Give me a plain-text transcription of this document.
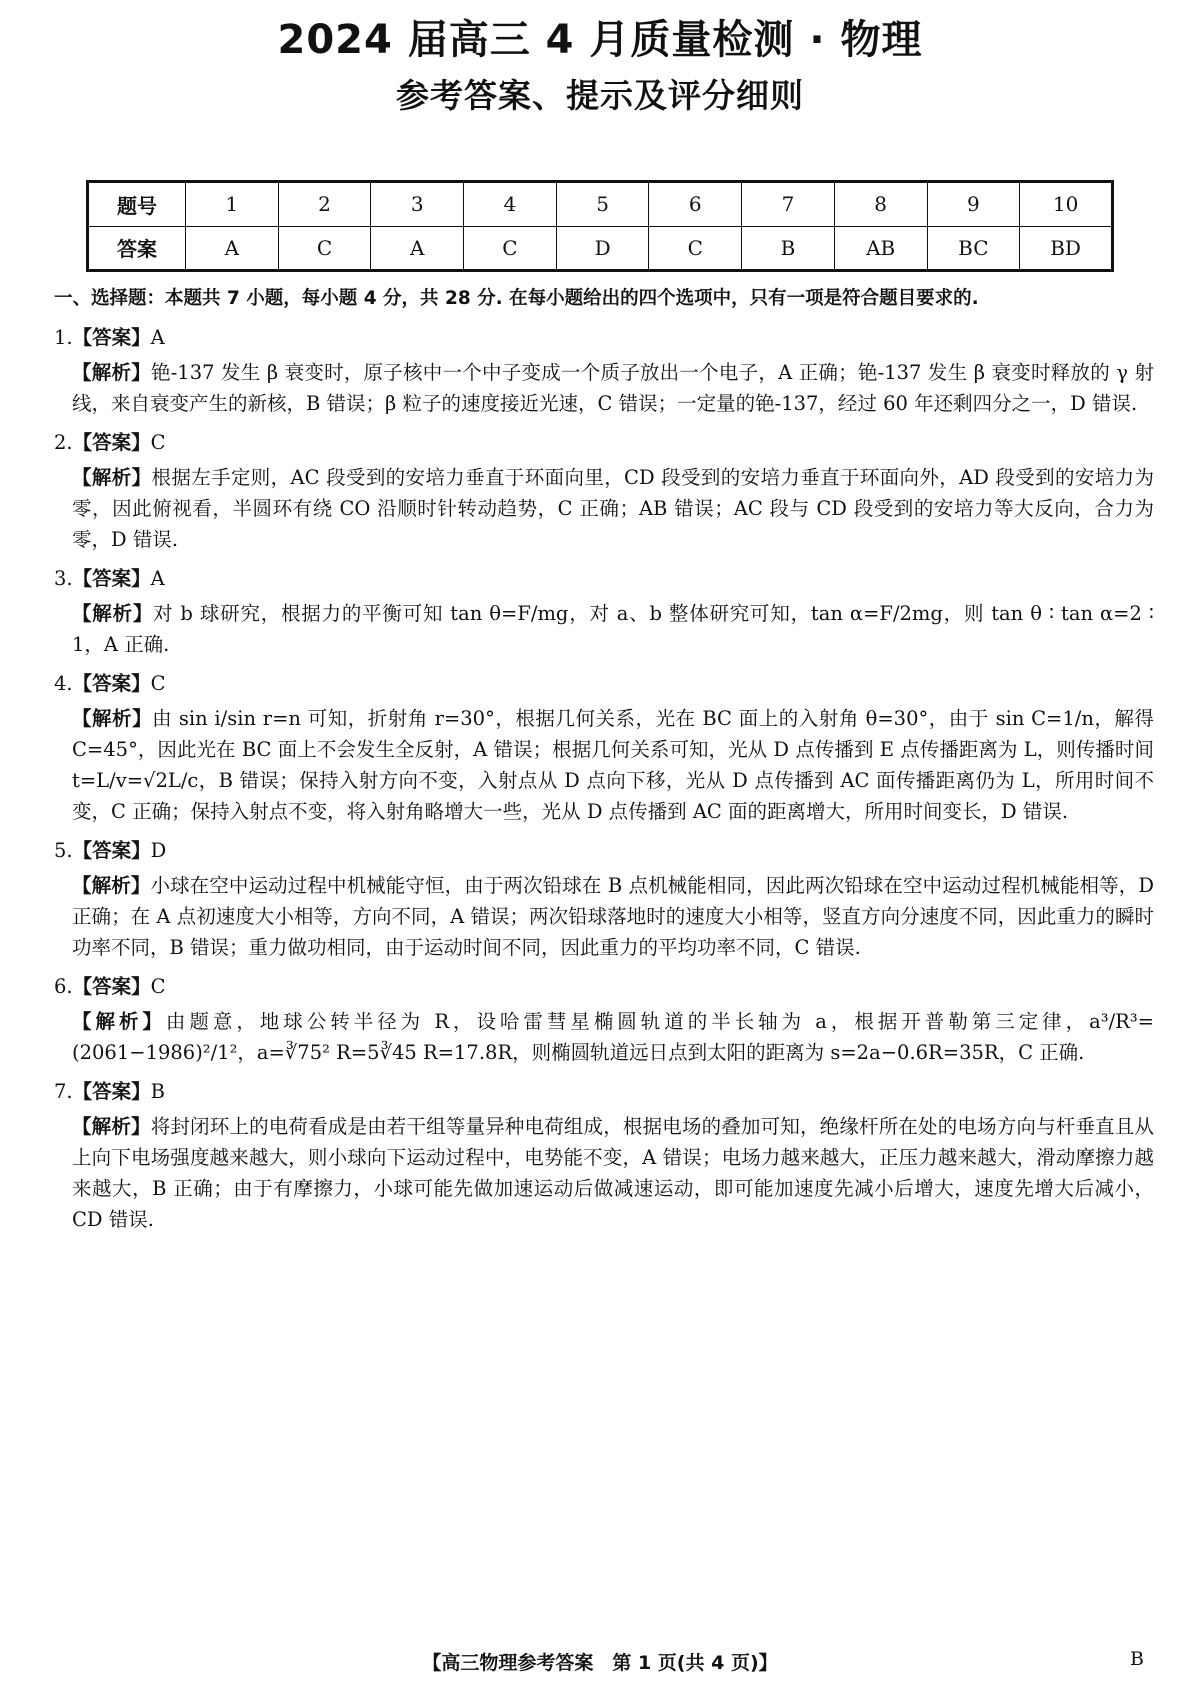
2024 届高三 4 月质量检测 · 物理
参考答案、提示及评分细则
题号	1	2	3	4	5	6	7	8	9	10
答案	A	C	A	C	D	C	B	AB	BC	BD
一、选择题：本题共 7 小题，每小题 4 分，共 28 分. 在每小题给出的四个选项中，只有一项是符合题目要求的.
1.【答案】A
【解析】铯-137 发生 β 衰变时，原子核中一个中子变成一个质子放出一个电子，A 正确；铯-137 发生 β 衰变时释放的 γ 射线，来自衰变产生的新核，B 错误；β 粒子的速度接近光速，C 错误；一定量的铯-137，经过 60 年还剩四分之一，D 错误.
2.【答案】C
【解析】根据左手定则，AC 段受到的安培力垂直于环面向里，CD 段受到的安培力垂直于环面向外，AD 段受到的安培力为零，因此俯视看，半圆环有绕 CO 沿顺时针转动趋势，C 正确；AB 错误；AC 段与 CD 段受到的安培力等大反向，合力为零，D 错误.
3.【答案】A
【解析】对 b 球研究，根据力的平衡可知 tan θ=F/mg，对 a、b 整体研究可知，tan α=F/2mg，则 tan θ ∶ tan α=2 ∶ 1，A 正确.
4.【答案】C
【解析】由 sin i/sin r=n 可知，折射角 r=30°，根据几何关系，光在 BC 面上的入射角 θ=30°，由于 sin C=1/n，解得 C=45°，因此光在 BC 面上不会发生全反射，A 错误；根据几何关系可知，光从 D 点传播到 E 点传播距离为 L，则传播时间 t=L/v=√2L/c，B 错误；保持入射方向不变，入射点从 D 点向下移，光从 D 点传播到 AC 面传播距离仍为 L，所用时间不变，C 正确；保持入射点不变，将入射角略增大一些，光从 D 点传播到 AC 面的距离增大，所用时间变长，D 错误.
5.【答案】D
【解析】小球在空中运动过程中机械能守恒，由于两次铅球在 B 点机械能相同，因此两次铅球在空中运动过程机械能相等，D 正确；在 A 点初速度大小相等，方向不同，A 错误；两次铅球落地时的速度大小相等，竖直方向分速度不同，因此重力的瞬时功率不同，B 错误；重力做功相同，由于运动时间不同，因此重力的平均功率不同，C 错误.
6.【答案】C
【解析】由题意，地球公转半径为 R，设哈雷彗星椭圆轨道的半长轴为 a，根据开普勒第三定律，a³/R³=(2061−1986)²/1²，a=∛75² R=5∛45 R=17.8R，则椭圆轨道远日点到太阳的距离为 s=2a−0.6R=35R，C 正确.
7.【答案】B
【解析】将封闭环上的电荷看成是由若干组等量异种电荷组成，根据电场的叠加可知，绝缘杆所在处的电场方向与杆垂直且从上向下电场强度越来越大，则小球向下运动过程中，电势能不变，A 错误；电场力越来越大，正压力越来越大，滑动摩擦力越来越大，B 正确；由于有摩擦力，小球可能先做加速运动后做减速运动，即可能加速度先减小后增大，速度先增大后减小，CD 错误.
【高三物理参考答案　第 1 页(共 4 页)】	B
